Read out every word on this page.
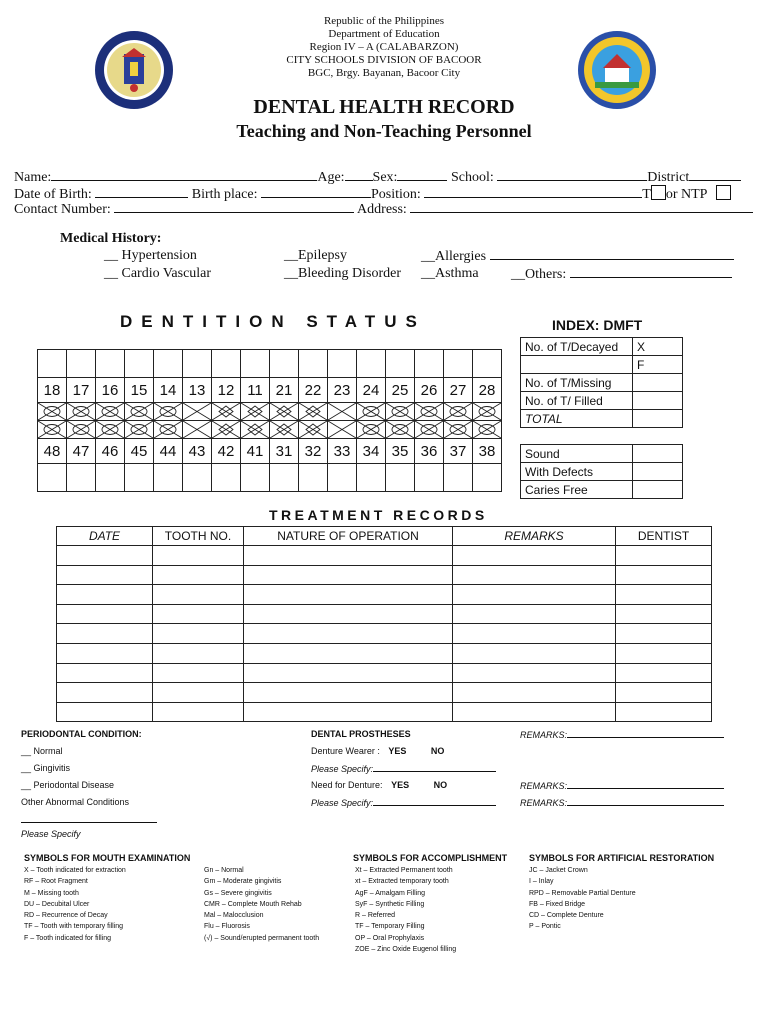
Republic of the Philippines
Department of Education
Region IV – A (CALABARZON)
CITY SCHOOLS DIVISION OF BACOOR
BGC, Brgy. Bayanan, Bacoor City
DENTAL HEALTH RECORD
Teaching and Non-Teaching Personnel
Name:	Age: Sex:	School:	District
Date of Birth:	Birth place:	Position:	T or NTP
Contact Number:	Address:
Medical History:
__ Hypertension	__Epilepsy	__Allergies
__ Cardio Vascular	__Bleeding Disorder __Asthma __Others:
DENTITION STATUS

18	17	16	15	14	13	12	11	21	22	23	24	25	26	27	28

48	47	46	45	44	43	42	41	31	32	33	34	35	36	37	38

INDEX: DMFT
No. of T/Decayed	X
	F
No. of T/Missing	
No. of T/ Filled	
TOTAL	
Sound	
With Defects	
Caries Free	
TREATMENT RECORDS
DATE	TOOTH NO.	NATURE OF OPERATION	REMARKS	DENTIST

PERIODONTAL CONDITION:
__ Normal
__ Gingivitis
__ Periodontal Disease
Other Abnormal Conditions
Please Specify
DENTAL PROSTHESES
Denture Wearer : YES	NO
Please Specify:
Need for Denture: YES	NO
Please Specify:
REMARKS:
REMARKS:
REMARKS:
SYMBOLS FOR MOUTH EXAMINATION
X – Tooth indicated for extraction
RF – Root Fragment
M – Missing tooth
DU – Decubital Ulcer
RD – Recurrence of Decay
TF – Tooth with temporary filling
F – Tooth indicated for filling
Gn – Normal
Gm – Moderate gingivitis
Gs – Severe gingivitis
CMR – Complete Mouth Rehab
Mal – Malocclusion
Flu – Fluorosis
(√) – Sound/erupted permanent tooth
SYMBOLS FOR ACCOMPLISHMENT
Xt – Extracted Permanent tooth
xt – Extracted temporary tooth
AgF – Amalgam Filling
SyF – Synthetic Filling
R – Referred
TF – Temporary Filling
OP – Oral Prophylaxis
ZOE – Zinc Oxide Eugenol filling
SYMBOLS FOR ARTIFICIAL RESTORATION
JC – Jacket Crown
I – Inlay
RPD – Removable Partial Denture
FB – Fixed Bridge
CD – Complete Denture
P – Pontic
